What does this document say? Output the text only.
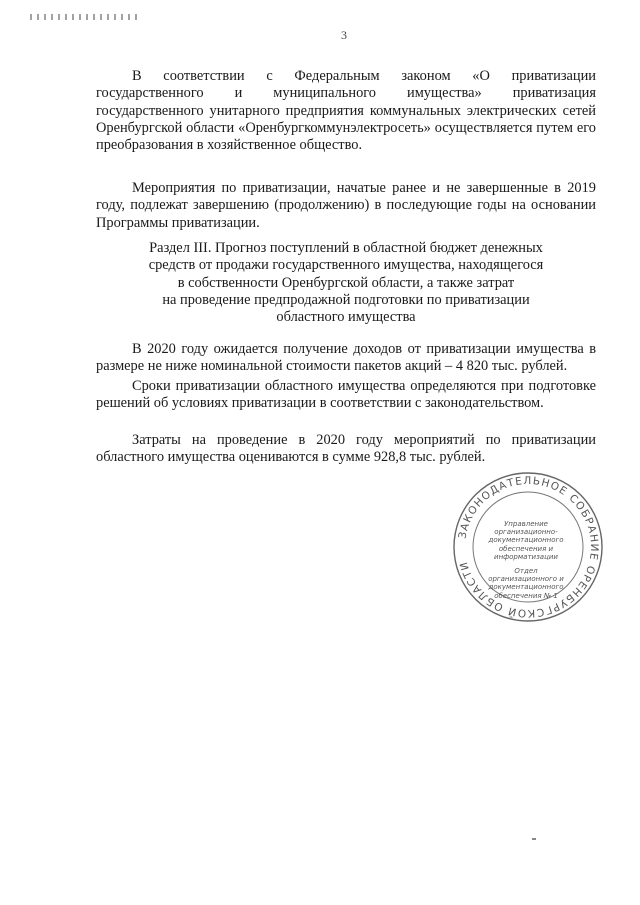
3
В соответствии с Федеральным законом «О приватизации государственного и муниципального имущества» приватизация государственного унитарного предприятия коммунальных электрических сетей Оренбургской области «Оренбургкоммунэлектросеть» осуществляется путем его преобразования в хозяйственное общество.
Мероприятия по приватизации, начатые ранее и не завершенные в 2019 году, подлежат завершению (продолжению) в последующие годы на основании Программы приватизации.
Раздел III. Прогноз поступлений в областной бюджет денежных
средств от продажи государственного имущества, находящегося
в собственности Оренбургской области, а также затрат
на проведение предпродажной подготовки по приватизации
областного имущества
В 2020 году ожидается получение доходов от приватизации имущества в размере не ниже номинальной стоимости пакетов акций – 4 820 тыс. рублей.
Сроки приватизации областного имущества определяются при подготовке решений об условиях приватизации в соответствии с законодательством.
Затраты на проведение в 2020 году мероприятий по приватизации областного имущества оцениваются в сумме 928,8 тыс. рублей.
ЗАКОНОДАТЕЛЬНОЕ СОБРАНИЕ ОРЕНБУРГСКОЙ ОБЛАСТИ
Управление организационно-документационного обеспечения и информатизации
Отдел организационного и документационного обеспечения № 1
